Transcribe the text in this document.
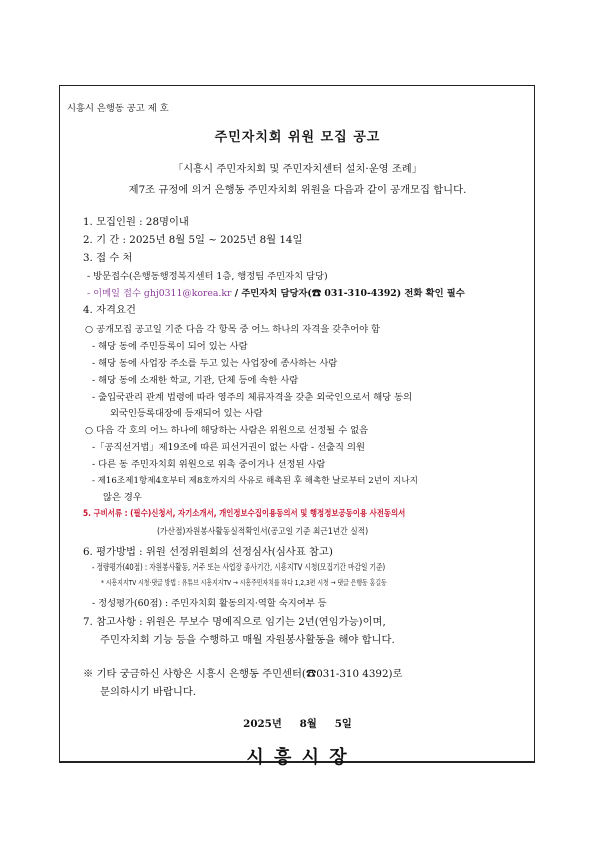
시흥시 은행동 공고 제 호
주민자치회 위원 모집 공고
「시흥시 주민자치회 및 주민자치센터 설치·운영 조례」
제7조 규정에 의거 은행동 주민자치회 위원을 다음과 같이 공개모집 합니다.
1. 모집인원 : 28명이내
2. 기 간 : 2025년 8월 5일 ~ 2025년 8월 14일
3. 접 수 처
- 방문접수(은행동행정복지센터 1층, 행정팀 주민자치 담당)
- 이메일 접수 ghj0311@korea.kr / 주민자치 담당자(☎ 031-310-4392) 전화 확인 필수
4. 자격요건
○ 공개모집 공고일 기준 다음 각 항목 중 어느 하나의 자격을 갖추어야 함
- 해당 동에 주민등록이 되어 있는 사람
- 해당 동에 사업장 주소를 두고 있는 사업장에 종사하는 사람
- 해당 동에 소재한 학교, 기관, 단체 등에 속한 사람
- 출입국관리 관계 법령에 따라 영주의 체류자격을 갖춘 외국인으로서 해당 동의
외국인등록대장에 등재되어 있는 사람
○ 다음 각 호의 어느 하나에 해당하는 사람은 위원으로 선정될 수 없음
-「공직선거법」제19조에 따른 피선거권이 없는 사람 - 선출직 의원
- 다른 동 주민자치회 위원으로 위촉 중이거나 선정된 사람
- 제16조제1항제4호부터 제8호까지의 사유로 해촉된 후 해촉한 날로부터 2년이 지나지
않은 경우
5. 구비서류 : (필수)신청서, 자기소개서, 개인정보수집이용동의서 및 행정정보공동이용 사전동의서
(가산점)자원봉사활동실적확인서(공고일 기준 최근1년간 실적)
6. 평가방법 : 위원 선정위원회의 선정심사(심사표 참고)
- 정량평가(40점) : 자원봉사활동, 거주 또는 사업장 종사기간, 시흥지TV 시청(모집기간 마감일 기준)
* 시흥지지TV 시청·댓글 방법 : 유튜브 시흥지지TV → 시흥주민자치를 하다 1,2,3편 시청 → 댓글 은행동 홍길동
- 정성평가(60점) : 주민자치회 활동의지·역할 숙지여부 등
7. 참고사항 : 위원은 무보수 명예직으로 임기는 2년(연임가능)이며,
주민자치회 기능 등을 수행하고 매월 자원봉사활동을 해야 합니다.
※ 기타 궁금하신 사항은 시흥시 은행동 주민센터(☎031-310 4392)로
문의하시기 바랍니다.
2025년     8월     5일
시 흥 시 장
